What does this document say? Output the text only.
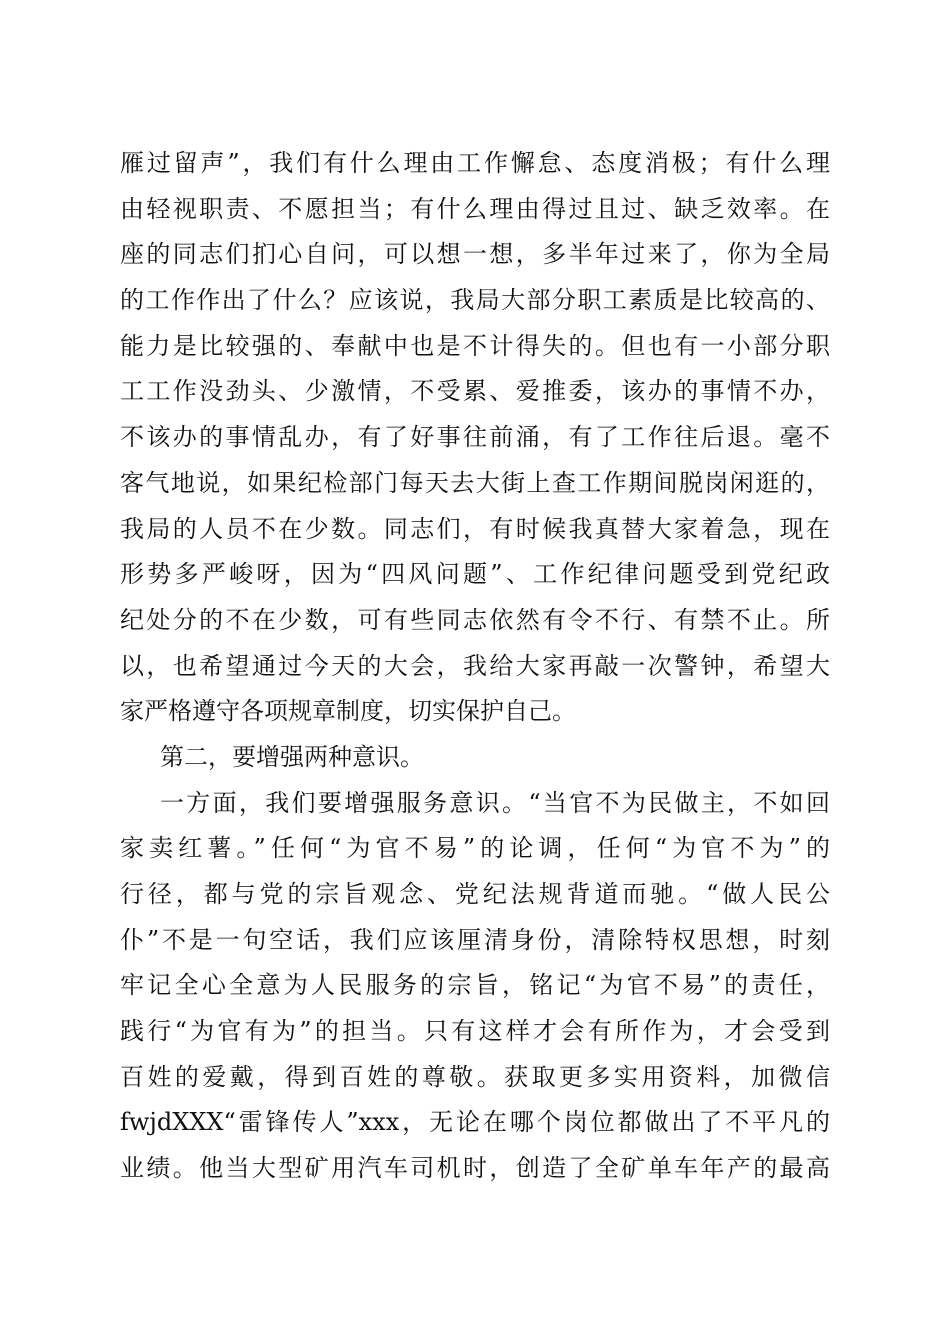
雁过留声”，我们有什么理由工作懈怠、态度消极；有什么理
由轻视职责、不愿担当；有什么理由得过且过、缺乏效率。在
座的同志们扪心自问，可以想一想，多半年过来了，你为全局
的工作作出了什么？应该说，我局大部分职工素质是比较高的、
能力是比较强的、奉献中也是不计得失的。但也有一小部分职
工工作没劲头、少激情，不受累、爱推委，该办的事情不办，
不该办的事情乱办，有了好事往前涌，有了工作往后退。毫不
客气地说，如果纪检部门每天去大街上查工作期间脱岗闲逛的，
我局的人员不在少数。同志们，有时候我真替大家着急，现在
形势多严峻呀，因为“四风问题”、工作纪律问题受到党纪政
纪处分的不在少数，可有些同志依然有令不行、有禁不止。所
以，也希望通过今天的大会，我给大家再敲一次警钟，希望大
家严格遵守各项规章制度，切实保护自己。
第二，要增强两种意识。
一方面，我们要增强服务意识。“当官不为民做主，不如回
家卖红薯。”任何“为官不易”的论调，任何“为官不为”的
行径，都与党的宗旨观念、党纪法规背道而驰。“做人民公
仆”不是一句空话，我们应该厘清身份，清除特权思想，时刻
牢记全心全意为人民服务的宗旨，铭记“为官不易”的责任，
践行“为官有为”的担当。只有这样才会有所作为，才会受到
百姓的爱戴，得到百姓的尊敬。获取更多实用资料，加微信
fwjdXXX“雷锋传人”xxx，无论在哪个岗位都做出了不平凡的
业绩。他当大型矿用汽车司机时，创造了全矿单车年产的最高
